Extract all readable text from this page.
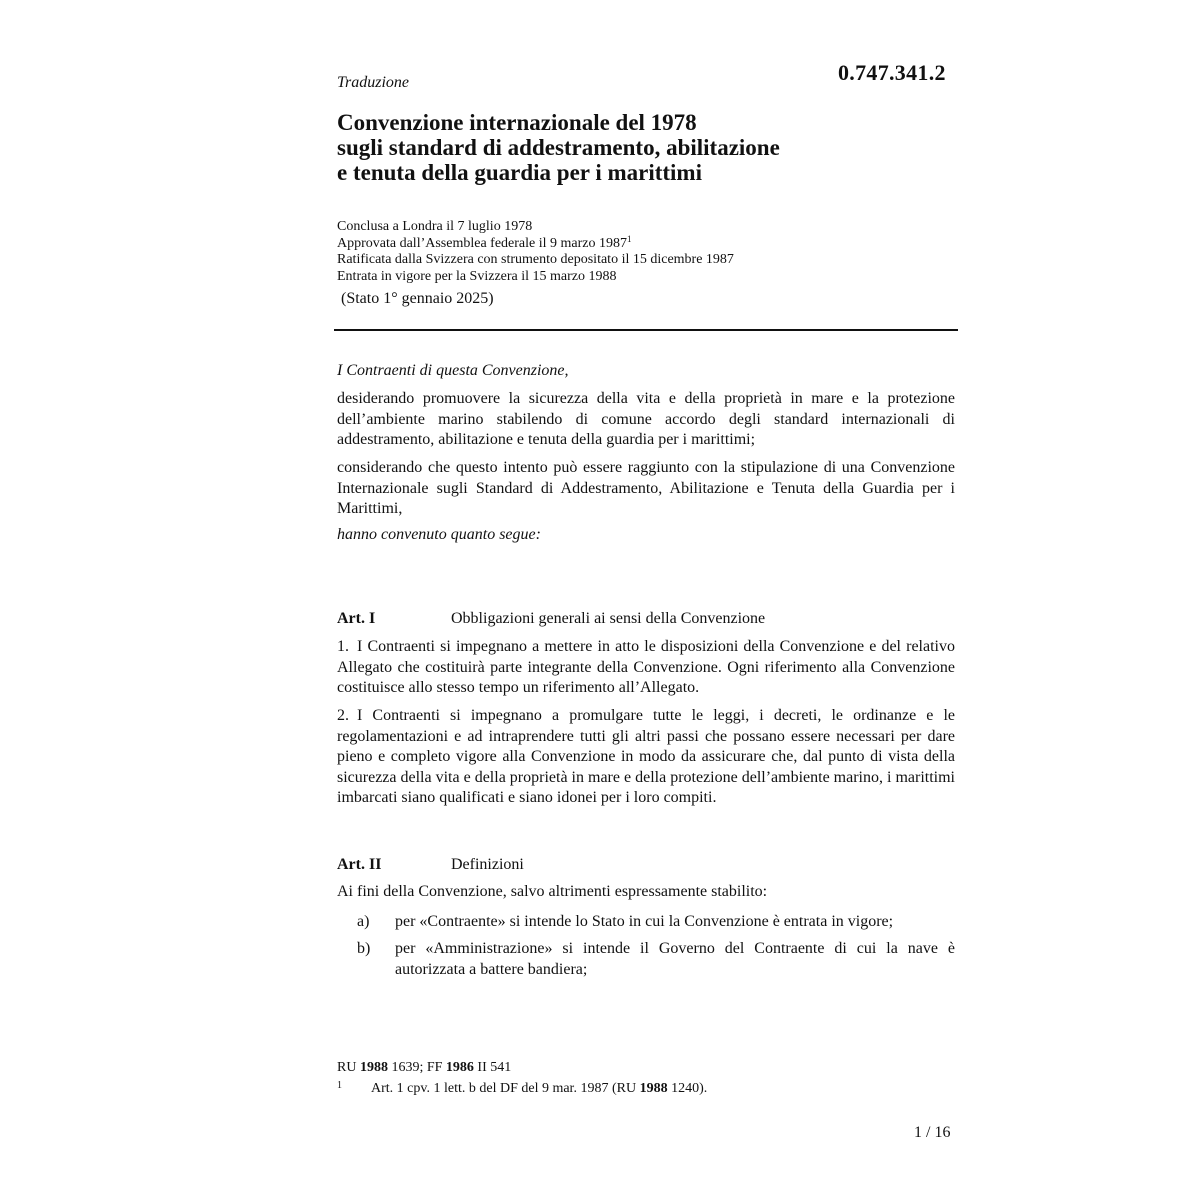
0.747.341.2
Traduzione
Convenzione internazionale del 1978
sugli standard di addestramento, abilitazione
e tenuta della guardia per i marittimi
Conclusa a Londra il 7 luglio 1978
Approvata dall’Assemblea federale il 9 marzo 1987$^1$
Ratificata dalla Svizzera con strumento depositato il 15 dicembre 1987
Entrata in vigore per la Svizzera il 15 marzo 1988
(Stato 1° gennaio 2025)
I Contraenti di questa Convenzione,
desiderando promuovere la sicurezza della vita e della proprietà in mare e la protezione dell’ambiente marino stabilendo di comune accordo degli standard internazionali di addestramento, abilitazione e tenuta della guardia per i marittimi;
considerando che questo intento può essere raggiunto con la stipulazione di una Convenzione Internazionale sugli Standard di Addestramento, Abilitazione e Tenuta della Guardia per i Marittimi,
hanno convenuto quanto segue:
Art. I	Obbligazioni generali ai sensi della Convenzione
1. I Contraenti si impegnano a mettere in atto le disposizioni della Convenzione e del relativo Allegato che costituirà parte integrante della Convenzione. Ogni riferimento alla Convenzione costituisce allo stesso tempo un riferimento all’Allegato.
2. I Contraenti si impegnano a promulgare tutte le leggi, i decreti, le ordinanze e le regolamentazioni e ad intraprendere tutti gli altri passi che possano essere necessari per dare pieno e completo vigore alla Convenzione in modo da assicurare che, dal punto di vista della sicurezza della vita e della proprietà in mare e della protezione dell’ambiente marino, i marittimi imbarcati siano qualificati e siano idonei per i loro compiti.
Art. II	Definizioni
Ai fini della Convenzione, salvo altrimenti espressamente stabilito:
a) per «Contraente» si intende lo Stato in cui la Convenzione è entrata in vigore;
b) per «Amministrazione» si intende il Governo del Contraente di cui la nave è autorizzata a battere bandiera;
RU 1988 1639; FF 1986 II 541
1 Art. 1 cpv. 1 lett. b del DF del 9 mar. 1987 (RU 1988 1240).
1 / 16
